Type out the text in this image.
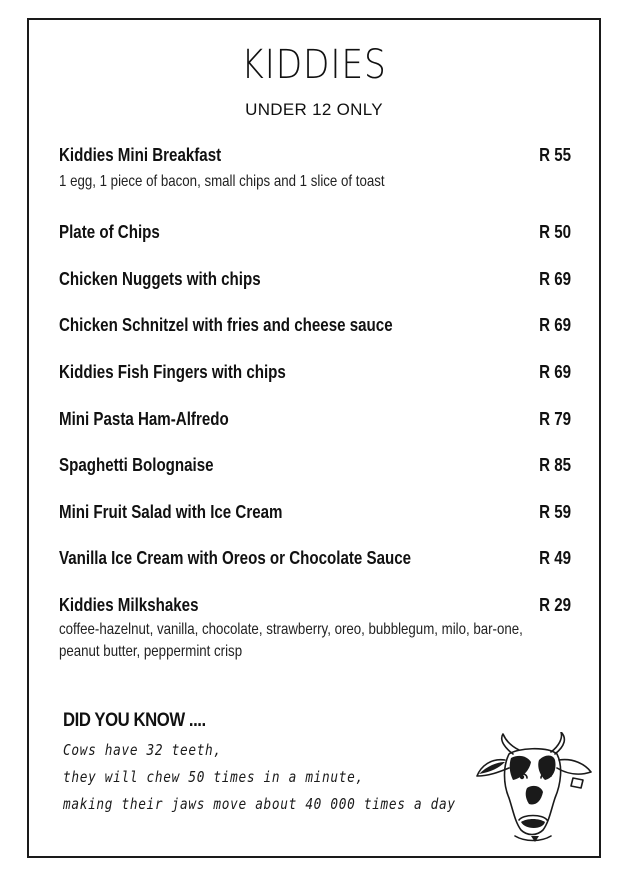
KIDDIES
UNDER 12 ONLY
Kiddies Mini Breakfast	R 55
1 egg, 1 piece of bacon, small chips and 1 slice of toast
Plate of Chips	R 50
Chicken Nuggets with chips	R 69
Chicken Schnitzel with fries and cheese sauce	R 69
Kiddies Fish Fingers with chips	R 69
Mini Pasta Ham-Alfredo	R 79
Spaghetti Bolognaise	R 85
Mini Fruit Salad with Ice Cream	R 59
Vanilla Ice Cream with Oreos or Chocolate Sauce	R 49
Kiddies Milkshakes	R 29
coffee-hazelnut, vanilla, chocolate, strawberry, oreo, bubblegum, milo, bar-one,
peanut butter, peppermint crisp
DID YOU KNOW ....
Cows have 32 teeth,
they will chew 50 times in a minute,
making their jaws move about 40 000 times a day
